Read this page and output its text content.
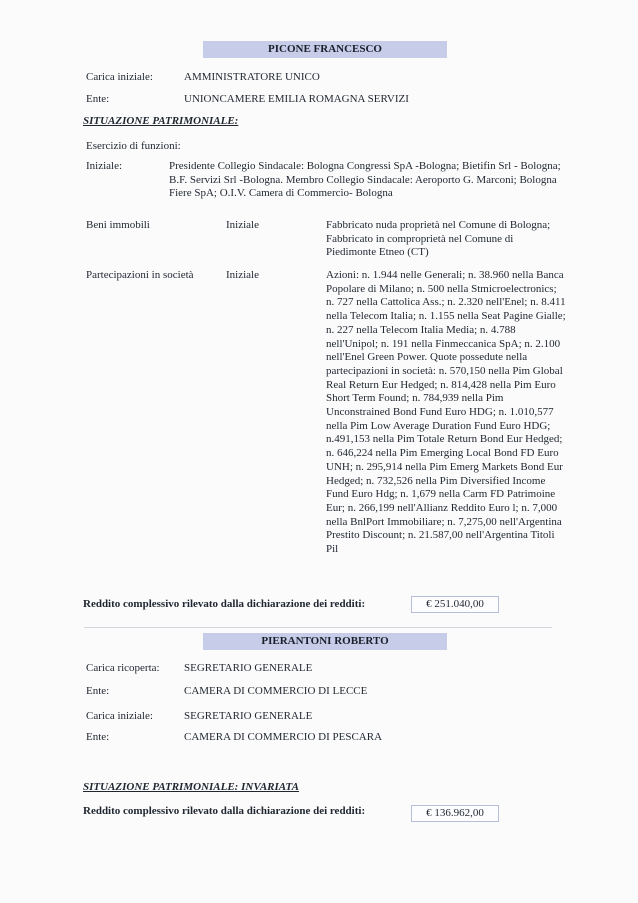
PICONE FRANCESCO
Carica iniziale:	AMMINISTRATORE UNICO
Ente:	UNIONCAMERE EMILIA ROMAGNA SERVIZI
SITUAZIONE PATRIMONIALE:
Esercizio di funzioni:
Iniziale:	Presidente Collegio Sindacale: Bologna Congressi SpA -Bologna; Bietifin Srl - Bologna; B.F. Servizi Srl -Bologna. Membro Collegio Sindacale: Aeroporto G. Marconi; Bologna Fiere SpA; O.I.V. Camera di Commercio- Bologna
Beni immobili	Iniziale	Fabbricato nuda proprietà nel Comune di Bologna; Fabbricato in comproprietà nel Comune di Piedimonte Etneo (CT)
Partecipazioni in società	Iniziale	Azioni: n. 1.944 nelle Generali; n. 38.960 nella Banca Popolare di Milano; n. 500 nella Stmicroelectronics; n. 727 nella Cattolica Ass.; n. 2.320 nell'Enel; n. 8.411 nella Telecom Italia; n. 1.155 nella Seat Pagine Gialle; n. 227 nella Telecom Italia Media; n. 4.788 nell'Unipol; n. 191 nella Finmeccanica SpA; n. 2.100 nell'Enel Green Power. Quote possedute nella partecipazioni in società: n. 570,150 nella Pim Global Real Return Eur Hedged; n. 814,428 nella Pim Euro Short Term Found; n. 784,939 nella Pim Unconstrained Bond Fund Euro HDG; n. 1.010,577 nella Pim Low Average Duration Fund Euro HDG; n.491,153 nella Pim Totale Return Bond Eur Hedged; n. 646,224 nella Pim Emerging Local Bond FD Euro UNH; n. 295,914 nella Pim Emerg Markets Bond Eur Hedged; n. 732,526 nella Pim Diversified Income Fund Euro Hdg; n. 1,679 nella Carm FD Patrimoine Eur; n. 266,199 nell'Allianz Reddito Euro l; n. 7,000 nella BnlPort Immobiliare; n. 7,275,00 nell'Argentina Prestito Discount; n. 21.587,00 nell'Argentina Titoli Pil
Reddito complessivo rilevato dalla dichiarazione dei redditi:	€ 251.040,00
PIERANTONI ROBERTO
Carica ricoperta: SEGRETARIO GENERALE
Ente:	CAMERA DI COMMERCIO DI LECCE
Carica iniziale:	SEGRETARIO GENERALE
Ente:	CAMERA DI COMMERCIO DI PESCARA
SITUAZIONE PATRIMONIALE: INVARIATA
Reddito complessivo rilevato dalla dichiarazione dei redditi:	€ 136.962,00
